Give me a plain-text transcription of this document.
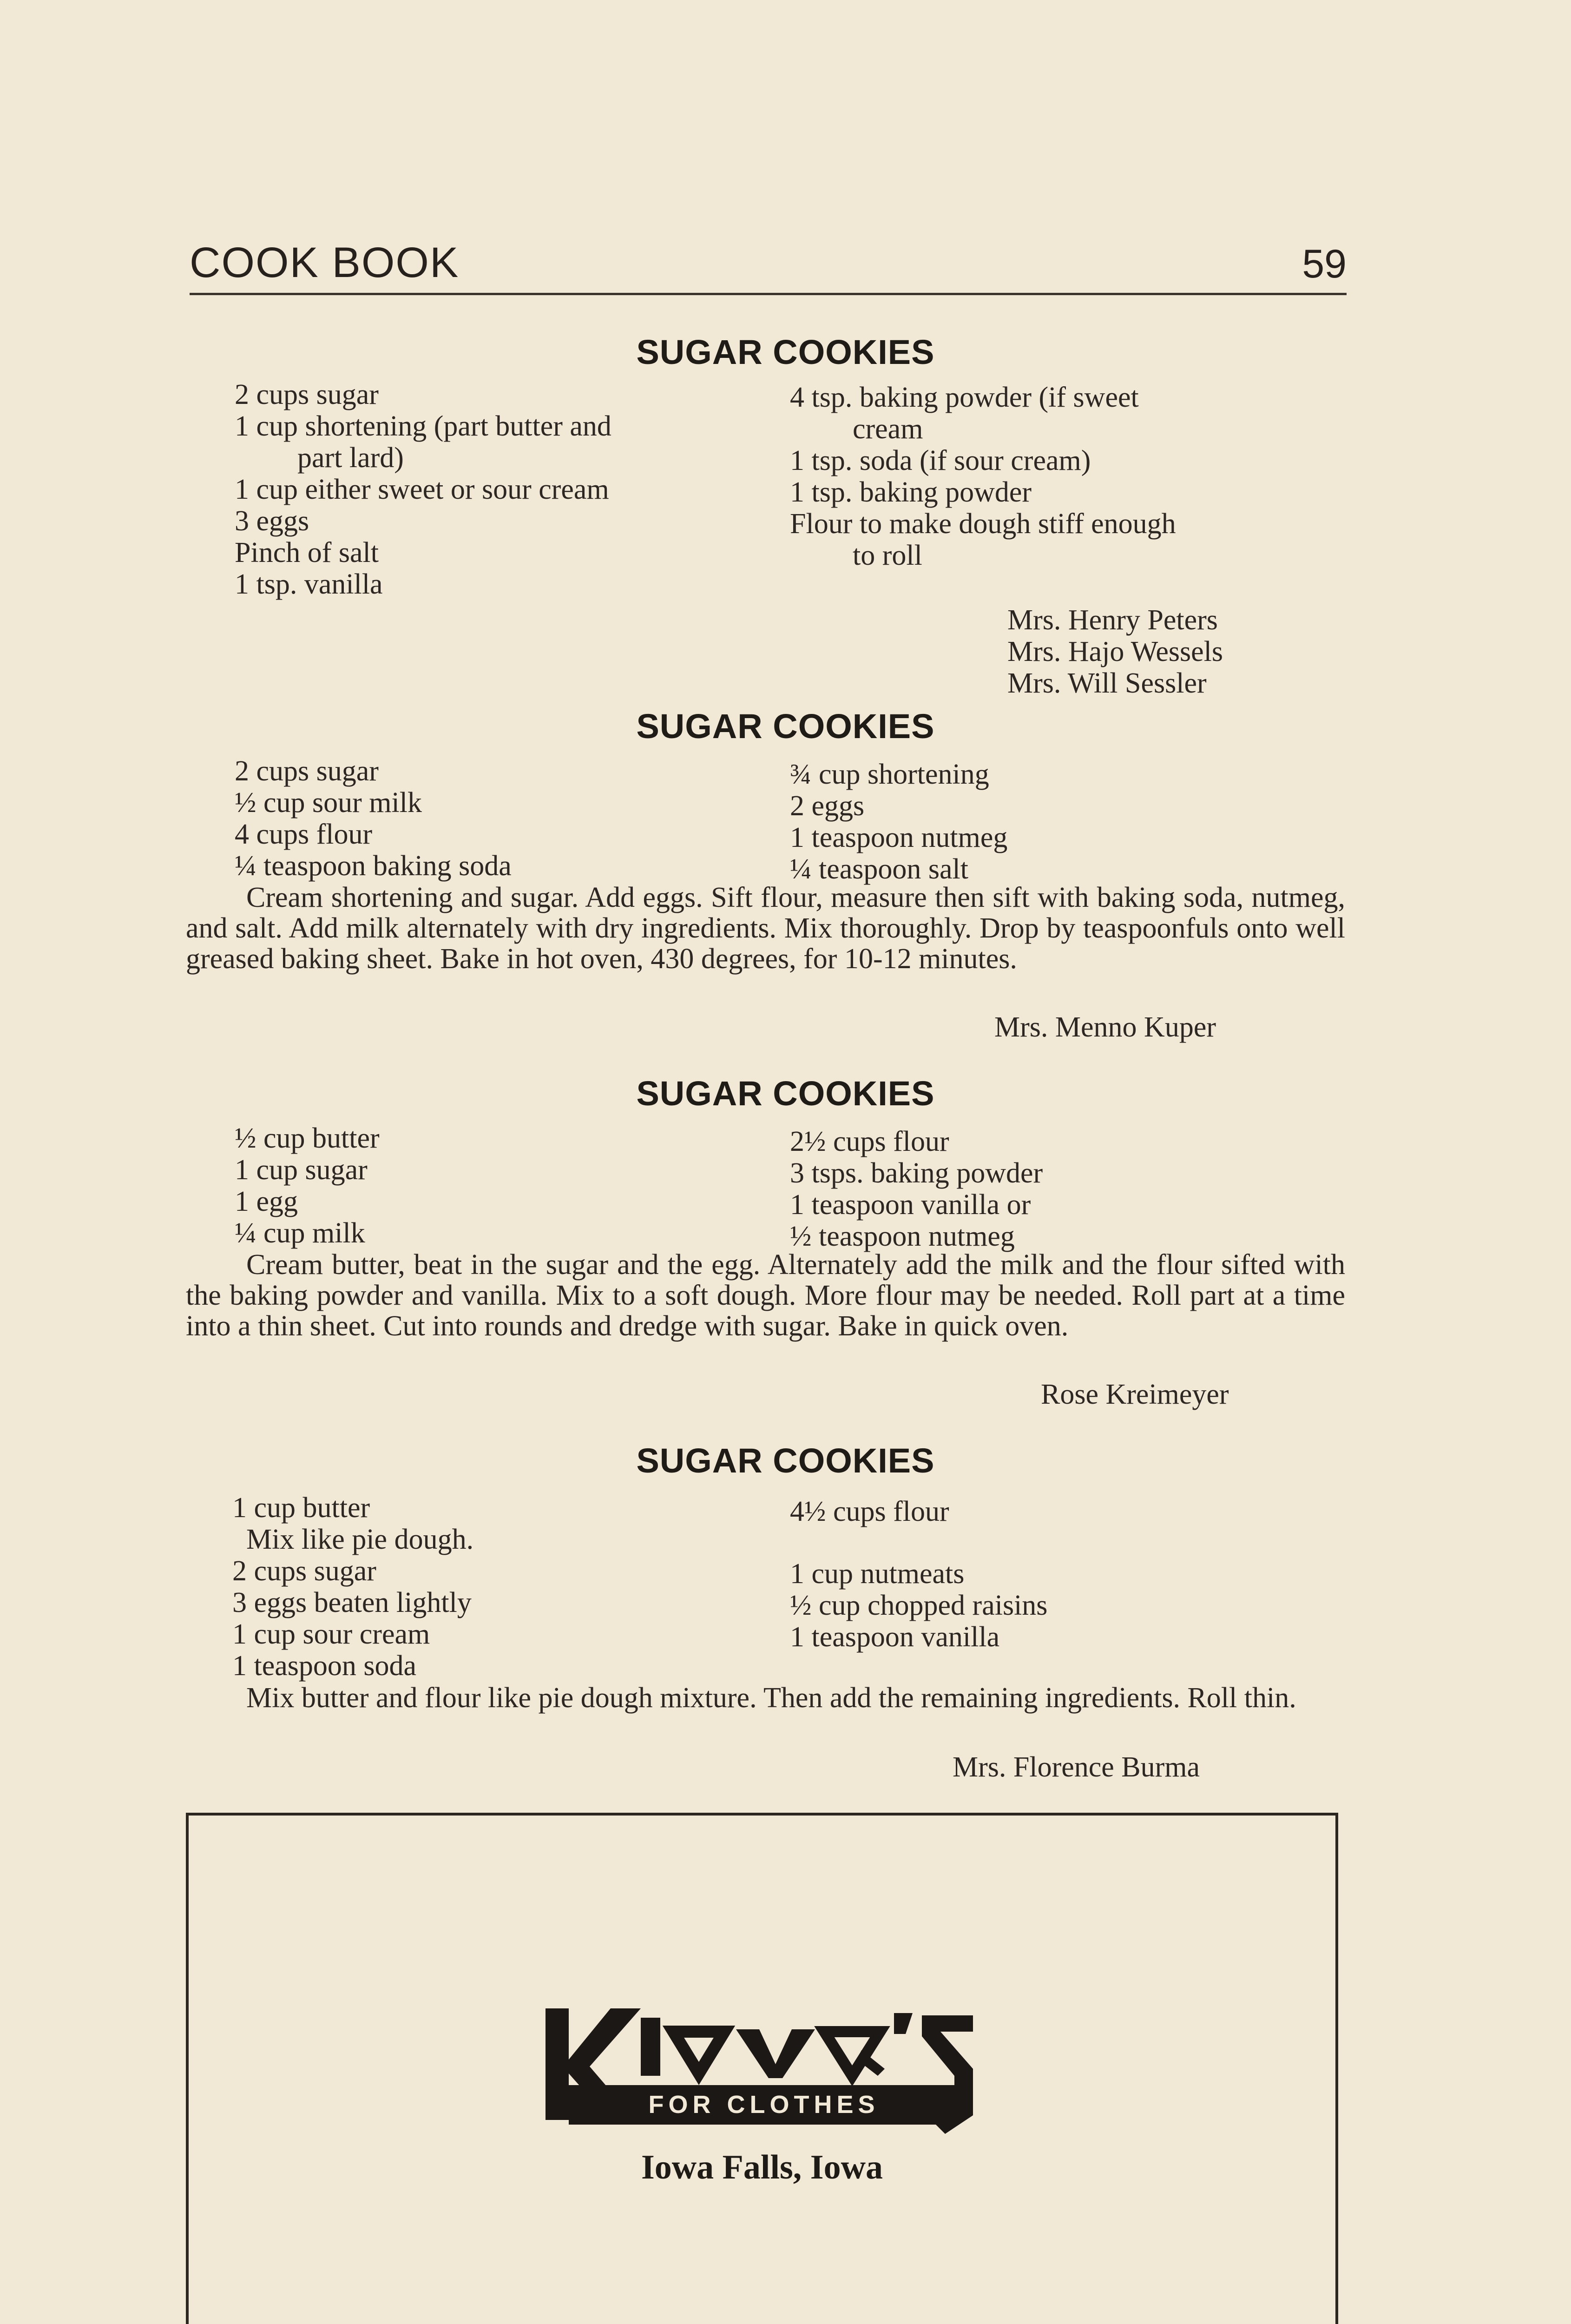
COOK BOOK	59
SUGAR COOKIES
2 cups sugar
1 cup shortening (part butter and
part lard)
1 cup either sweet or sour cream
3 eggs
Pinch of salt
1 tsp. vanilla
4 tsp. baking powder (if sweet
cream
1 tsp. soda (if sour cream)
1 tsp. baking powder
Flour to make dough stiff enough
to roll
Mrs. Henry Peters
Mrs. Hajo Wessels
Mrs. Will Sessler
SUGAR COOKIES
2 cups sugar
½ cup sour milk
4 cups flour
¼ teaspoon baking soda
¾ cup shortening
2 eggs
1 teaspoon nutmeg
¼ teaspoon salt

Cream shortening and sugar. Add eggs. Sift flour, measure then sift with baking soda, nutmeg, and salt. Add milk alternately with dry ingredients. Mix thoroughly. Drop by teaspoonfuls onto well greased baking sheet. Bake in hot oven, 430 degrees, for 10-12 minutes.

Mrs. Menno Kuper
SUGAR COOKIES
½ cup butter
1 cup sugar
1 egg
¼ cup milk
2½ cups flour
3 tsps. baking powder
1 teaspoon vanilla or
½ teaspoon nutmeg

Cream butter, beat in the sugar and the egg. Alternately add the milk and the flour sifted with the baking powder and vanilla. Mix to a soft dough. More flour may be needed. Roll part at a time into a thin sheet. Cut into rounds and dredge with sugar. Bake in quick oven.

Rose Kreimeyer
SUGAR COOKIES
1 cup butter
Mix like pie dough.
2 cups sugar
3 eggs beaten lightly
1 cup sour cream
1 teaspoon soda
4½ cups flour
1 cup nutmeats
½ cup chopped raisins
1 teaspoon vanilla

Mix butter and flour like pie dough mixture. Then add the remaining ingredients. Roll thin.

Mrs. Florence Burma
FOR CLOTHES
Iowa Falls, Iowa
